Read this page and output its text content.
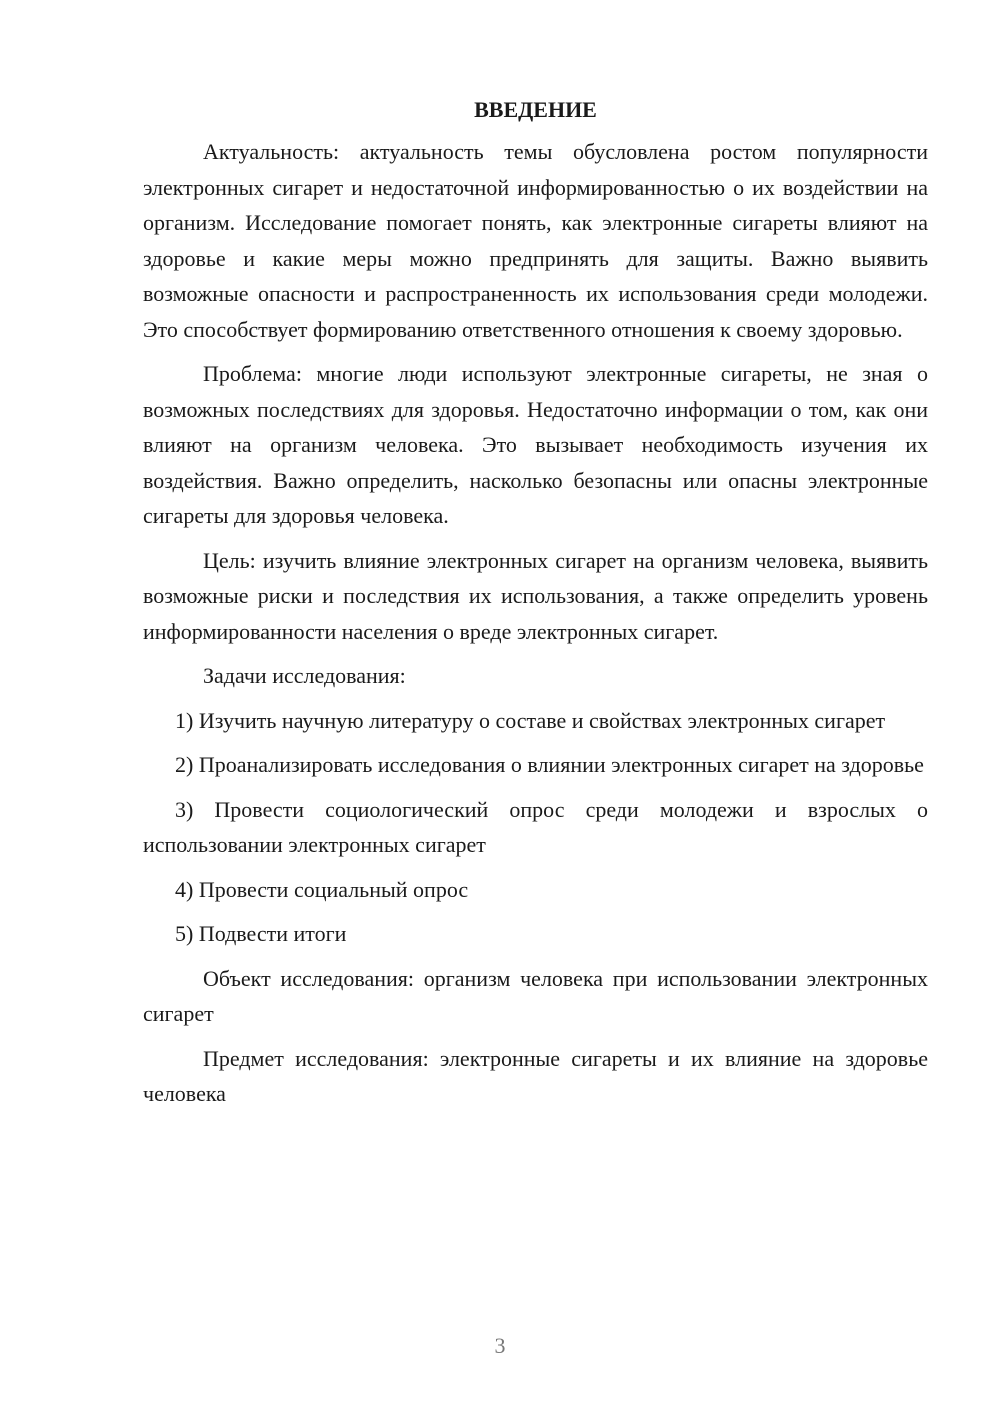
ВВЕДЕНИЕ

Актуальность: актуальность темы обусловлена ростом популярности электронных сигарет и недостаточной информированностью о их воздействии на организм. Исследование помогает понять, как электронные сигареты влияют на здоровье и какие меры можно предпринять для защиты. Важно выявить возможные опасности и распространенность их использования среди молодежи. Это способствует формированию ответственного отношения к своему здоровью.

Проблема: многие люди используют электронные сигареты, не зная о возможных последствиях для здоровья. Недостаточно информации о том, как они влияют на организм человека. Это вызывает необходимость изучения их воздействия. Важно определить, насколько безопасны или опасны электронные сигареты для здоровья человека.

Цель: изучить влияние электронных сигарет на организм человека, выявить возможные риски и последствия их использования, а также определить уровень информированности населения о вреде электронных сигарет.

Задачи исследования:

1) Изучить научную литературу о составе и свойствах электронных сигарет

2) Проанализировать исследования о влиянии электронных сигарет на здоровье

3) Провести социологический опрос среди молодежи и взрослых о использовании электронных сигарет

4) Провести социальный опрос

5) Подвести итоги

Объект исследования: организм человека при использовании электронных сигарет

Предмет исследования: электронные сигареты и их влияние на здоровье человека

3
